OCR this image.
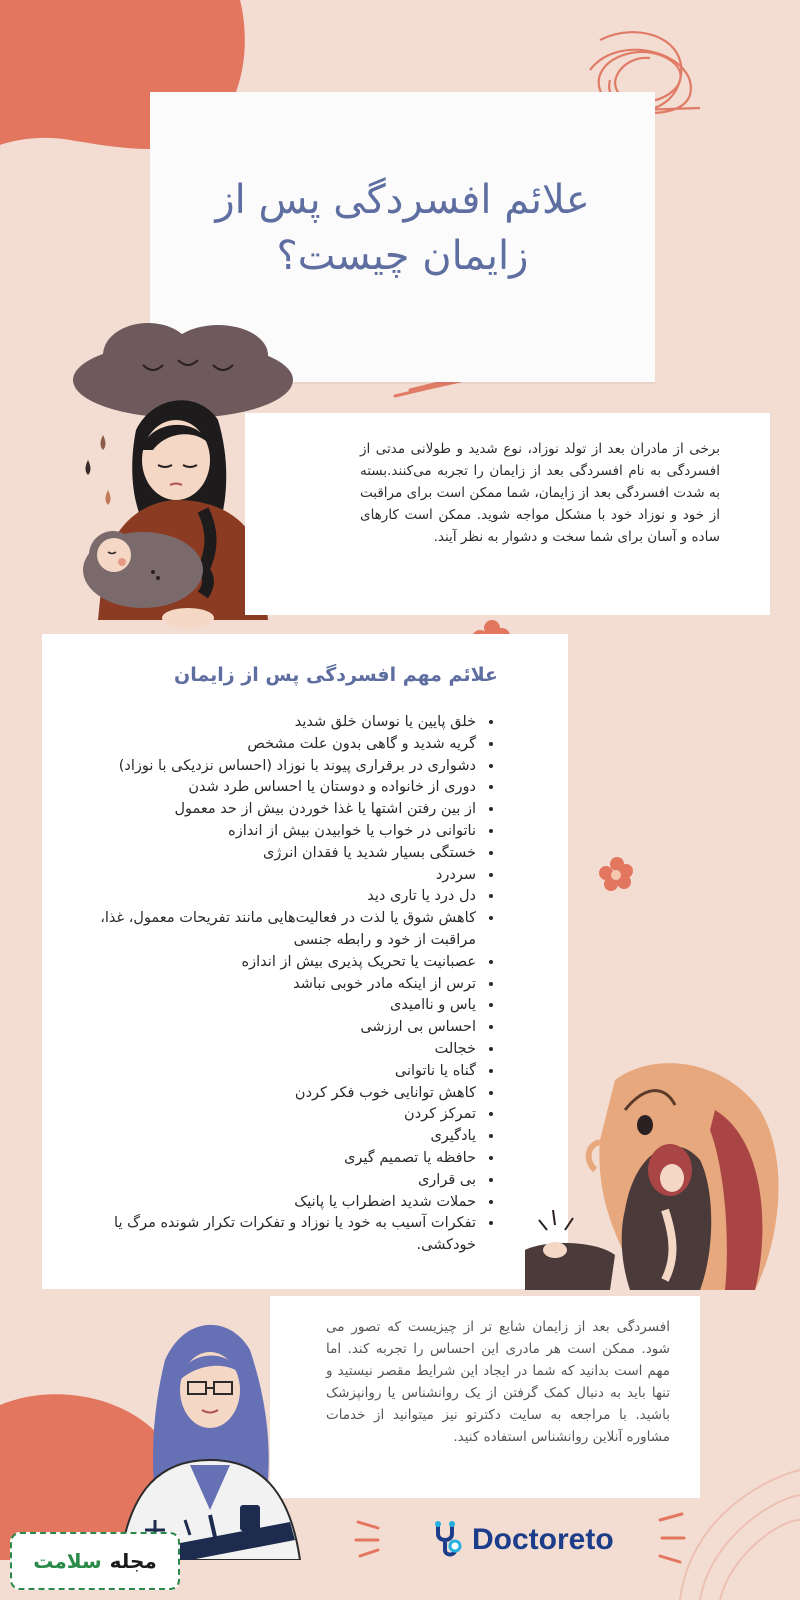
علائم افسردگی پس از زایمان چیست؟
برخی از مادران بعد از تولد نوزاد، نوع شدید و طولانی مدتی از افسردگی به نام افسردگی بعد از زایمان را تجربه می‌کنند.بسته به شدت افسردگی بعد از زایمان، شما ممکن است برای مراقبت از خود و نوزاد خود با مشکل مواجه شوید. ممکن است کارهای ساده و آسان برای شما سخت و دشوار به نظر آیند.
علائم مهم افسردگی پس از زایمان
• خلق پایین یا نوسان خلق شدید
• گریه شدید و گاهی بدون علت مشخص
• دشواری در برقراری پیوند با نوزاد (احساس نزدیکی با نوزاد)
• دوری از خانواده و دوستان یا احساس طرد شدن
• از بین رفتن اشتها یا غذا خوردن بیش از حد معمول
• ناتوانی در خواب یا خوابیدن بیش از اندازه
• خستگی بسیار شدید یا فقدان انرژی
• سردرد
• دل درد یا تاری دید
• کاهش شوق یا لذت در فعالیت‌هایی مانند تفریحات معمول، غذا، مراقبت از خود و رابطه جنسی
• عصبانیت یا تحریک پذیری بیش از اندازه
• ترس از اینکه مادر خوبی نباشد
• یاس و ناامیدی
• احساس بی ارزشی
• خجالت
• گناه یا ناتوانی
• کاهش توانایی خوب فکر کردن
• تمرکز کردن
• یادگیری
• حافظه یا تصمیم گیری
• بی قراری
• حملات شدید اضطراب یا پانیک
• تفکرات آسیب به خود یا نوزاد و تفکرات تکرار شونده مرگ یا خودکشی.
افسردگی بعد از زایمان شایع تر از چیزیست که تصور می شود. ممکن است هر مادری این احساس را تجربه کند. اما مهم است بدانید که شما در ایجاد این شرایط مقصر نیستید و تنها باید به دنبال کمک گرفتن از یک روانشناس یا روانپزشک باشید. با مراجعه به سایت دکترتو نیز میتوانید از خدمات مشاوره آنلاین روانشناس استفاده کنید.
مجله
سلامت
Doctoreto
